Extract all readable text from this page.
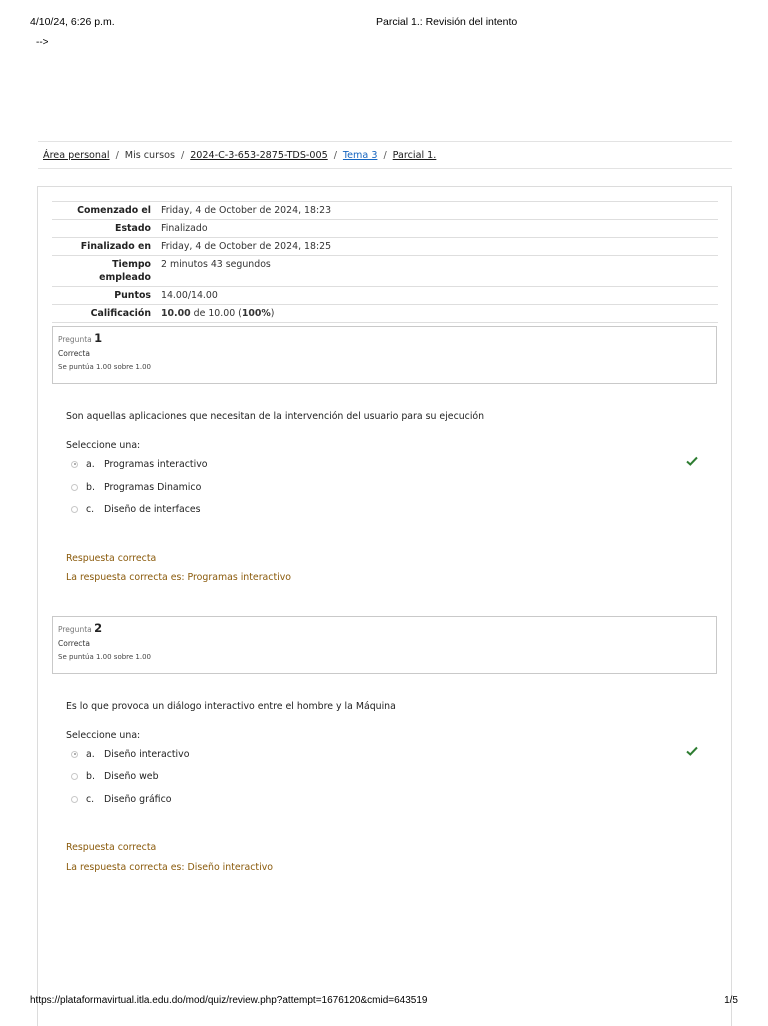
4/10/24, 6:26 p.m.	Parcial 1.: Revisión del intento
-->
Área personal / Mis cursos / 2024-C-3-653-2875-TDS-005 / Tema 3 / Parcial 1.
Comenzado el	Friday, 4 de October de 2024, 18:23
Estado	Finalizado
Finalizado en	Friday, 4 de October de 2024, 18:25
Tiempo empleado	2 minutos 43 segundos
Puntos	14.00/14.00
Calificación	10.00 de 10.00 (100%)
Pregunta 1
Correcta
Se puntúa 1.00 sobre 1.00
Son aquellas aplicaciones que necesitan de la intervención del usuario para su ejecución
Seleccione una:
a. Programas interactivo
b. Programas Dinamico
c.	Diseño de interfaces
Respuesta correcta
La respuesta correcta es: Programas interactivo
Pregunta 2
Correcta
Se puntúa 1.00 sobre 1.00
Es lo que provoca un diálogo interactivo entre el hombre y la Máquina
Seleccione una:
a. Diseño interactivo
b. Diseño web
c.	Diseño gráfico
Respuesta correcta
La respuesta correcta es: Diseño interactivo
https://plataformavirtual.itla.edu.do/mod/quiz/review.php?attempt=1676120&cmid=643519	1/5
